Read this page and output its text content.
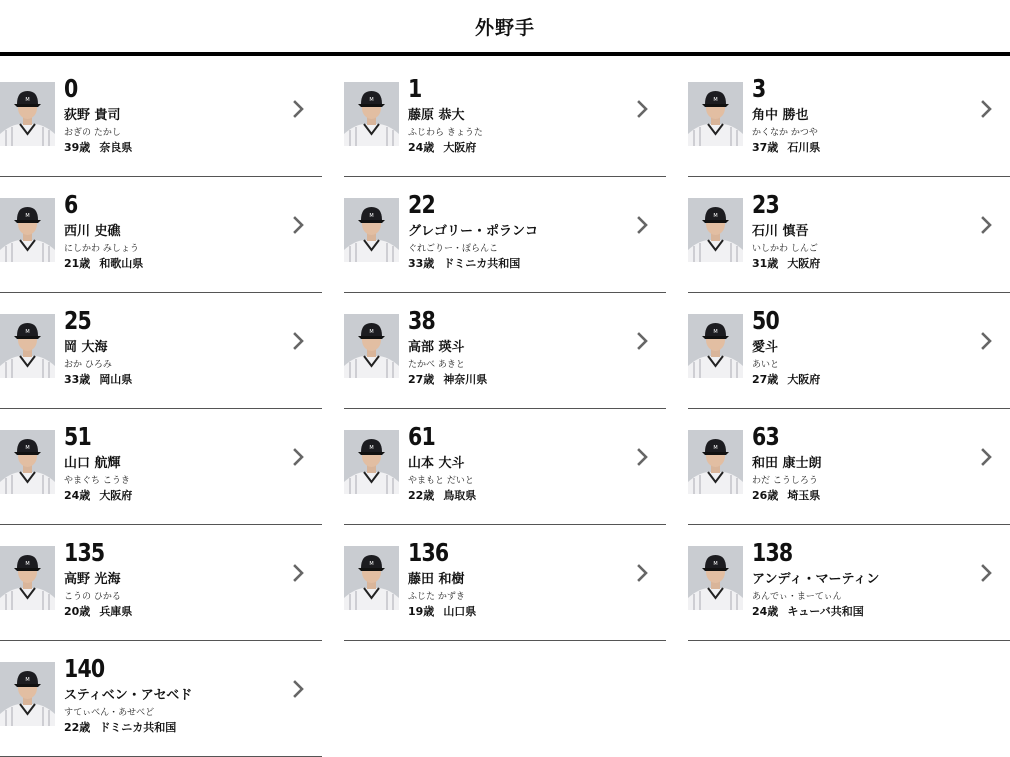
外野手
M 0
荻野 貴司
おぎの たかし
39歳 奈良県
M 1
藤原 恭大
ふじわら きょうた
24歳 大阪府
M 3
角中 勝也
かくなか かつや
37歳 石川県
M 6
西川 史礁
にしかわ みしょう
21歳 和歌山県
M 22
グレゴリー・ポランコ
ぐれごりー・ぽらんこ
33歳 ドミニカ共和国
M 23
石川 慎吾
いしかわ しんご
31歳 大阪府
M 25
岡 大海
おか ひろみ
33歳 岡山県
M 38
高部 瑛斗
たかべ あきと
27歳 神奈川県
M 50
愛斗
あいと
27歳 大阪府
M 51
山口 航輝
やまぐち こうき
24歳 大阪府
M 61
山本 大斗
やまもと だいと
22歳 鳥取県
M 63
和田 康士朗
わだ こうしろう
26歳 埼玉県
M 135
高野 光海
こうの ひかる
20歳 兵庫県
M 136
藤田 和樹
ふじた かずき
19歳 山口県
M 138
アンディ・マーティン
あんでぃ・まーてぃん
24歳 キューバ共和国
M 140
スティベン・アセベド
すてぃべん・あせべど
22歳 ドミニカ共和国
